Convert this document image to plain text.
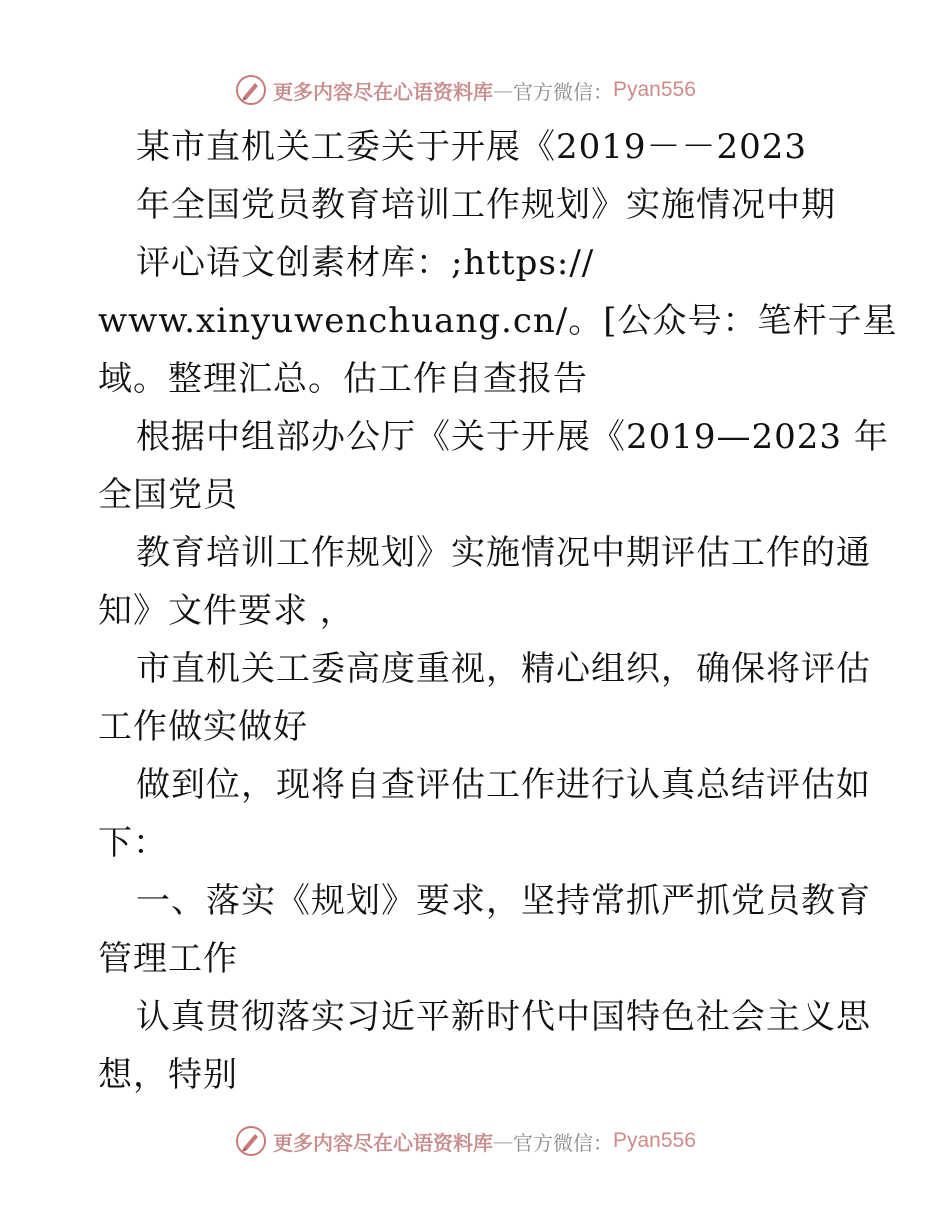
更多内容尽在心语资料库 — 官方微信： Pyan556
某市直机关工委关于开展《2019－－2023
年全国党员教育培训工作规划》实施情况中期
评心语文创素材库：;https://
www.xinyuwenchuang.cn/。[公众号：笔杆子星
域。整理汇总。估工作自查报告
根据中组部办公厅《关于开展《2019—2023 年
全国党员
教育培训工作规划》实施情况中期评估工作的通
知》文件要求 ，
市直机关工委高度重视，精心组织，确保将评估
工作做实做好
做到位，现将自查评估工作进行认真总结评估如
下：
一、落实《规划》要求，坚持常抓严抓党员教育
管理工作
认真贯彻落实习近平新时代中国特色社会主义思
想，特别
更多内容尽在心语资料库 — 官方微信： Pyan556
